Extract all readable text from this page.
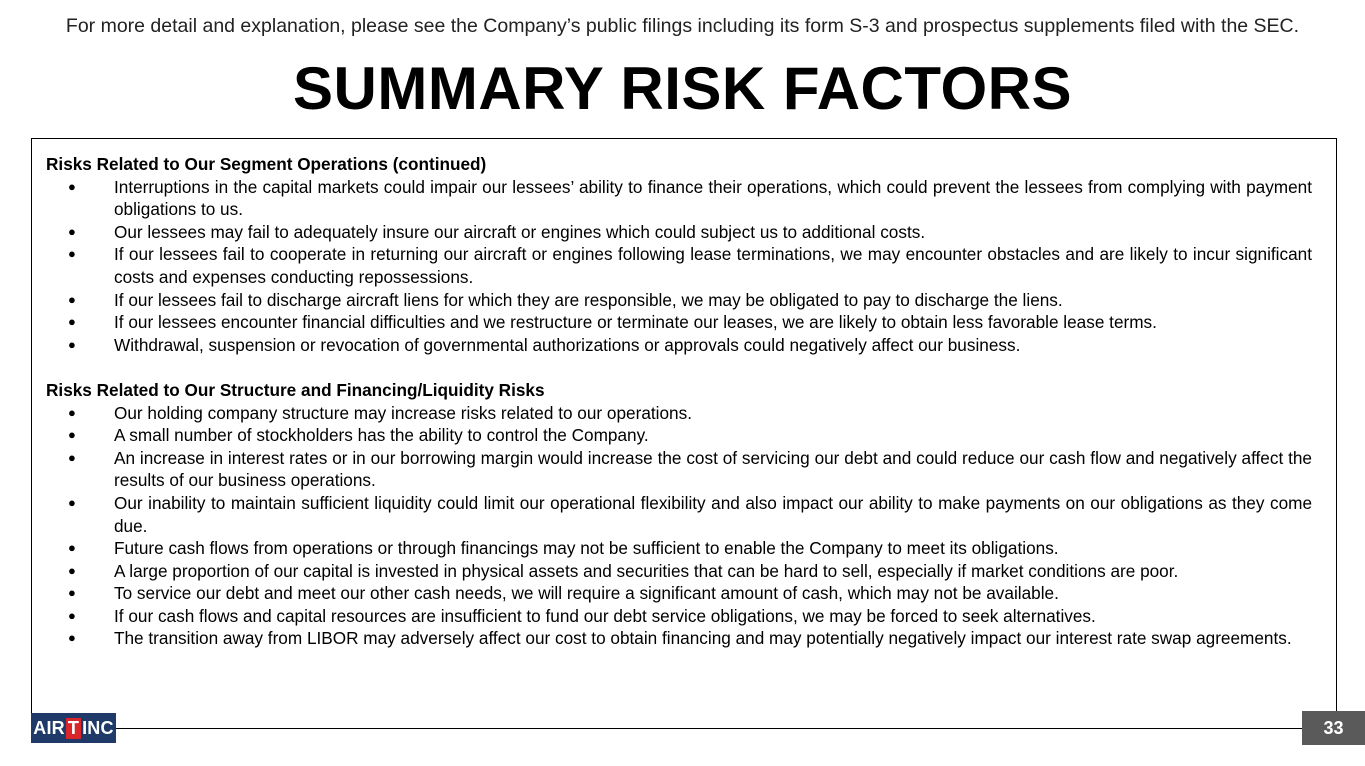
For more detail and explanation, please see the Company’s public filings including its form S-3 and prospectus supplements filed with the SEC.
SUMMARY RISK FACTORS
Risks Related to Our Segment Operations (continued)
● Interruptions in the capital markets could impair our lessees’ ability to finance their operations, which could prevent the lessees from complying with payment obligations to us.
● Our lessees may fail to adequately insure our aircraft or engines which could subject us to additional costs.
● If our lessees fail to cooperate in returning our aircraft or engines following lease terminations, we may encounter obstacles and are likely to incur significant costs and expenses conducting repossessions.
● If our lessees fail to discharge aircraft liens for which they are responsible, we may be obligated to pay to discharge the liens.
● If our lessees encounter financial difficulties and we restructure or terminate our leases, we are likely to obtain less favorable lease terms.
● Withdrawal, suspension or revocation of governmental authorizations or approvals could negatively affect our business.
Risks Related to Our Structure and Financing/Liquidity Risks
● Our holding company structure may increase risks related to our operations.
● A small number of stockholders has the ability to control the Company.
● An increase in interest rates or in our borrowing margin would increase the cost of servicing our debt and could reduce our cash flow and negatively affect the results of our business operations.
● Our inability to maintain sufficient liquidity could limit our operational flexibility and also impact our ability to make payments on our obligations as they come due.
● Future cash flows from operations or through financings may not be sufficient to enable the Company to meet its obligations.
● A large proportion of our capital is invested in physical assets and securities that can be hard to sell, especially if market conditions are poor.
● To service our debt and meet our other cash needs, we will require a significant amount of cash, which may not be available.
● If our cash flows and capital resources are insufficient to fund our debt service obligations, we may be forced to seek alternatives.
● The transition away from LIBOR may adversely affect our cost to obtain financing and may potentially negatively impact our interest rate swap agreements.
AIR T INC	33
